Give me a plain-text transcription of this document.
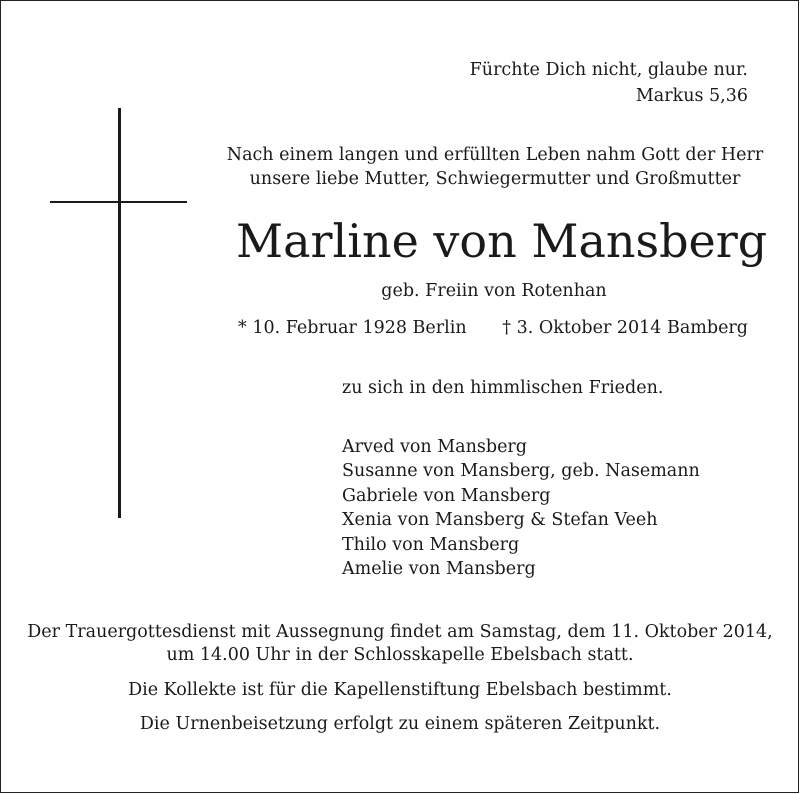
Fürchte Dich nicht, glaube nur.
Markus 5,36
Nach einem langen und erfüllten Leben nahm Gott der Herr
unsere liebe Mutter, Schwiegermutter und Großmutter
Marline von Mansberg
geb. Freiin von Rotenhan
* 10. Februar 1928 Berlin † 3. Oktober 2014 Bamberg
zu sich in den himmlischen Frieden.
Arved von Mansberg
Susanne von Mansberg, geb. Nasemann
Gabriele von Mansberg
Xenia von Mansberg & Stefan Veeh
Thilo von Mansberg
Amelie von Mansberg
Der Trauergottesdienst mit Aussegnung findet am Samstag, dem 11. Oktober 2014,
um 14.00 Uhr in der Schlosskapelle Ebelsbach statt.
Die Kollekte ist für die Kapellenstiftung Ebelsbach bestimmt.
Die Urnenbeisetzung erfolgt zu einem späteren Zeitpunkt.
